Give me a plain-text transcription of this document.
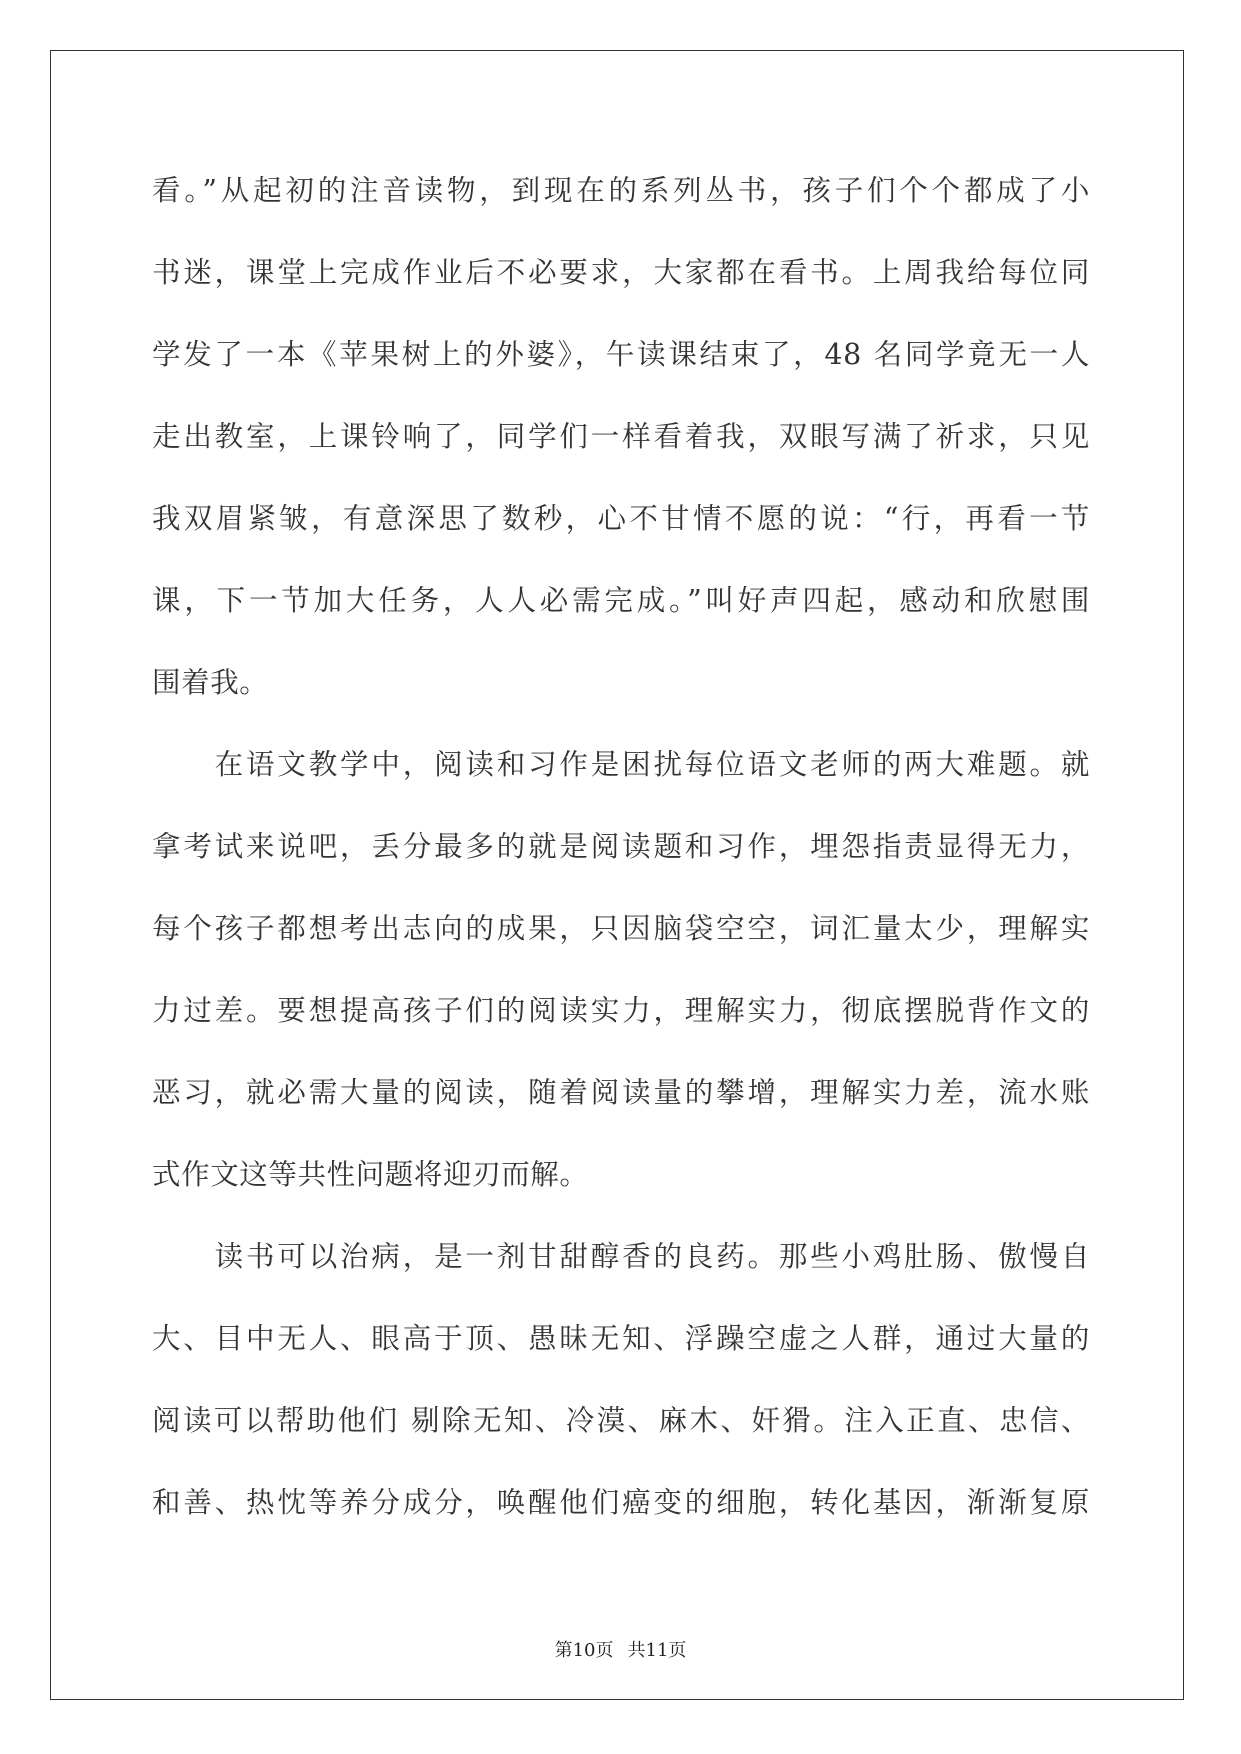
看。”从起初的注音读物，到现在的系列丛书，孩子们个个都成了小
书迷，课堂上完成作业后不必要求，大家都在看书。上周我给每位同
学发了一本《苹果树上的外婆》，午读课结束了，48 名同学竟无一人
走出教室，上课铃响了，同学们一样看着我，双眼写满了祈求，只见
我双眉紧皱，有意深思了数秒，心不甘情不愿的说：“行，再看一节
课，下一节加大任务，人人必需完成。”叫好声四起，感动和欣慰围
围着我。
　　在语文教学中，阅读和习作是困扰每位语文老师的两大难题。就
拿考试来说吧，丢分最多的就是阅读题和习作，埋怨指责显得无力，
每个孩子都想考出志向的成果，只因脑袋空空，词汇量太少，理解实
力过差。要想提高孩子们的阅读实力，理解实力，彻底摆脱背作文的
恶习，就必需大量的阅读，随着阅读量的攀增，理解实力差，流水账
式作文这等共性问题将迎刃而解。
　　读书可以治病，是一剂甘甜醇香的良药。那些小鸡肚肠、傲慢自
大、目中无人、眼高于顶、愚昧无知、浮躁空虚之人群，通过大量的
阅读可以帮助他们 剔除无知、冷漠、麻木、奸猾。注入正直、忠信、
和善、热忱等养分成分，唤醒他们癌变的细胞，转化基因，渐渐复原
第10页 共11页
